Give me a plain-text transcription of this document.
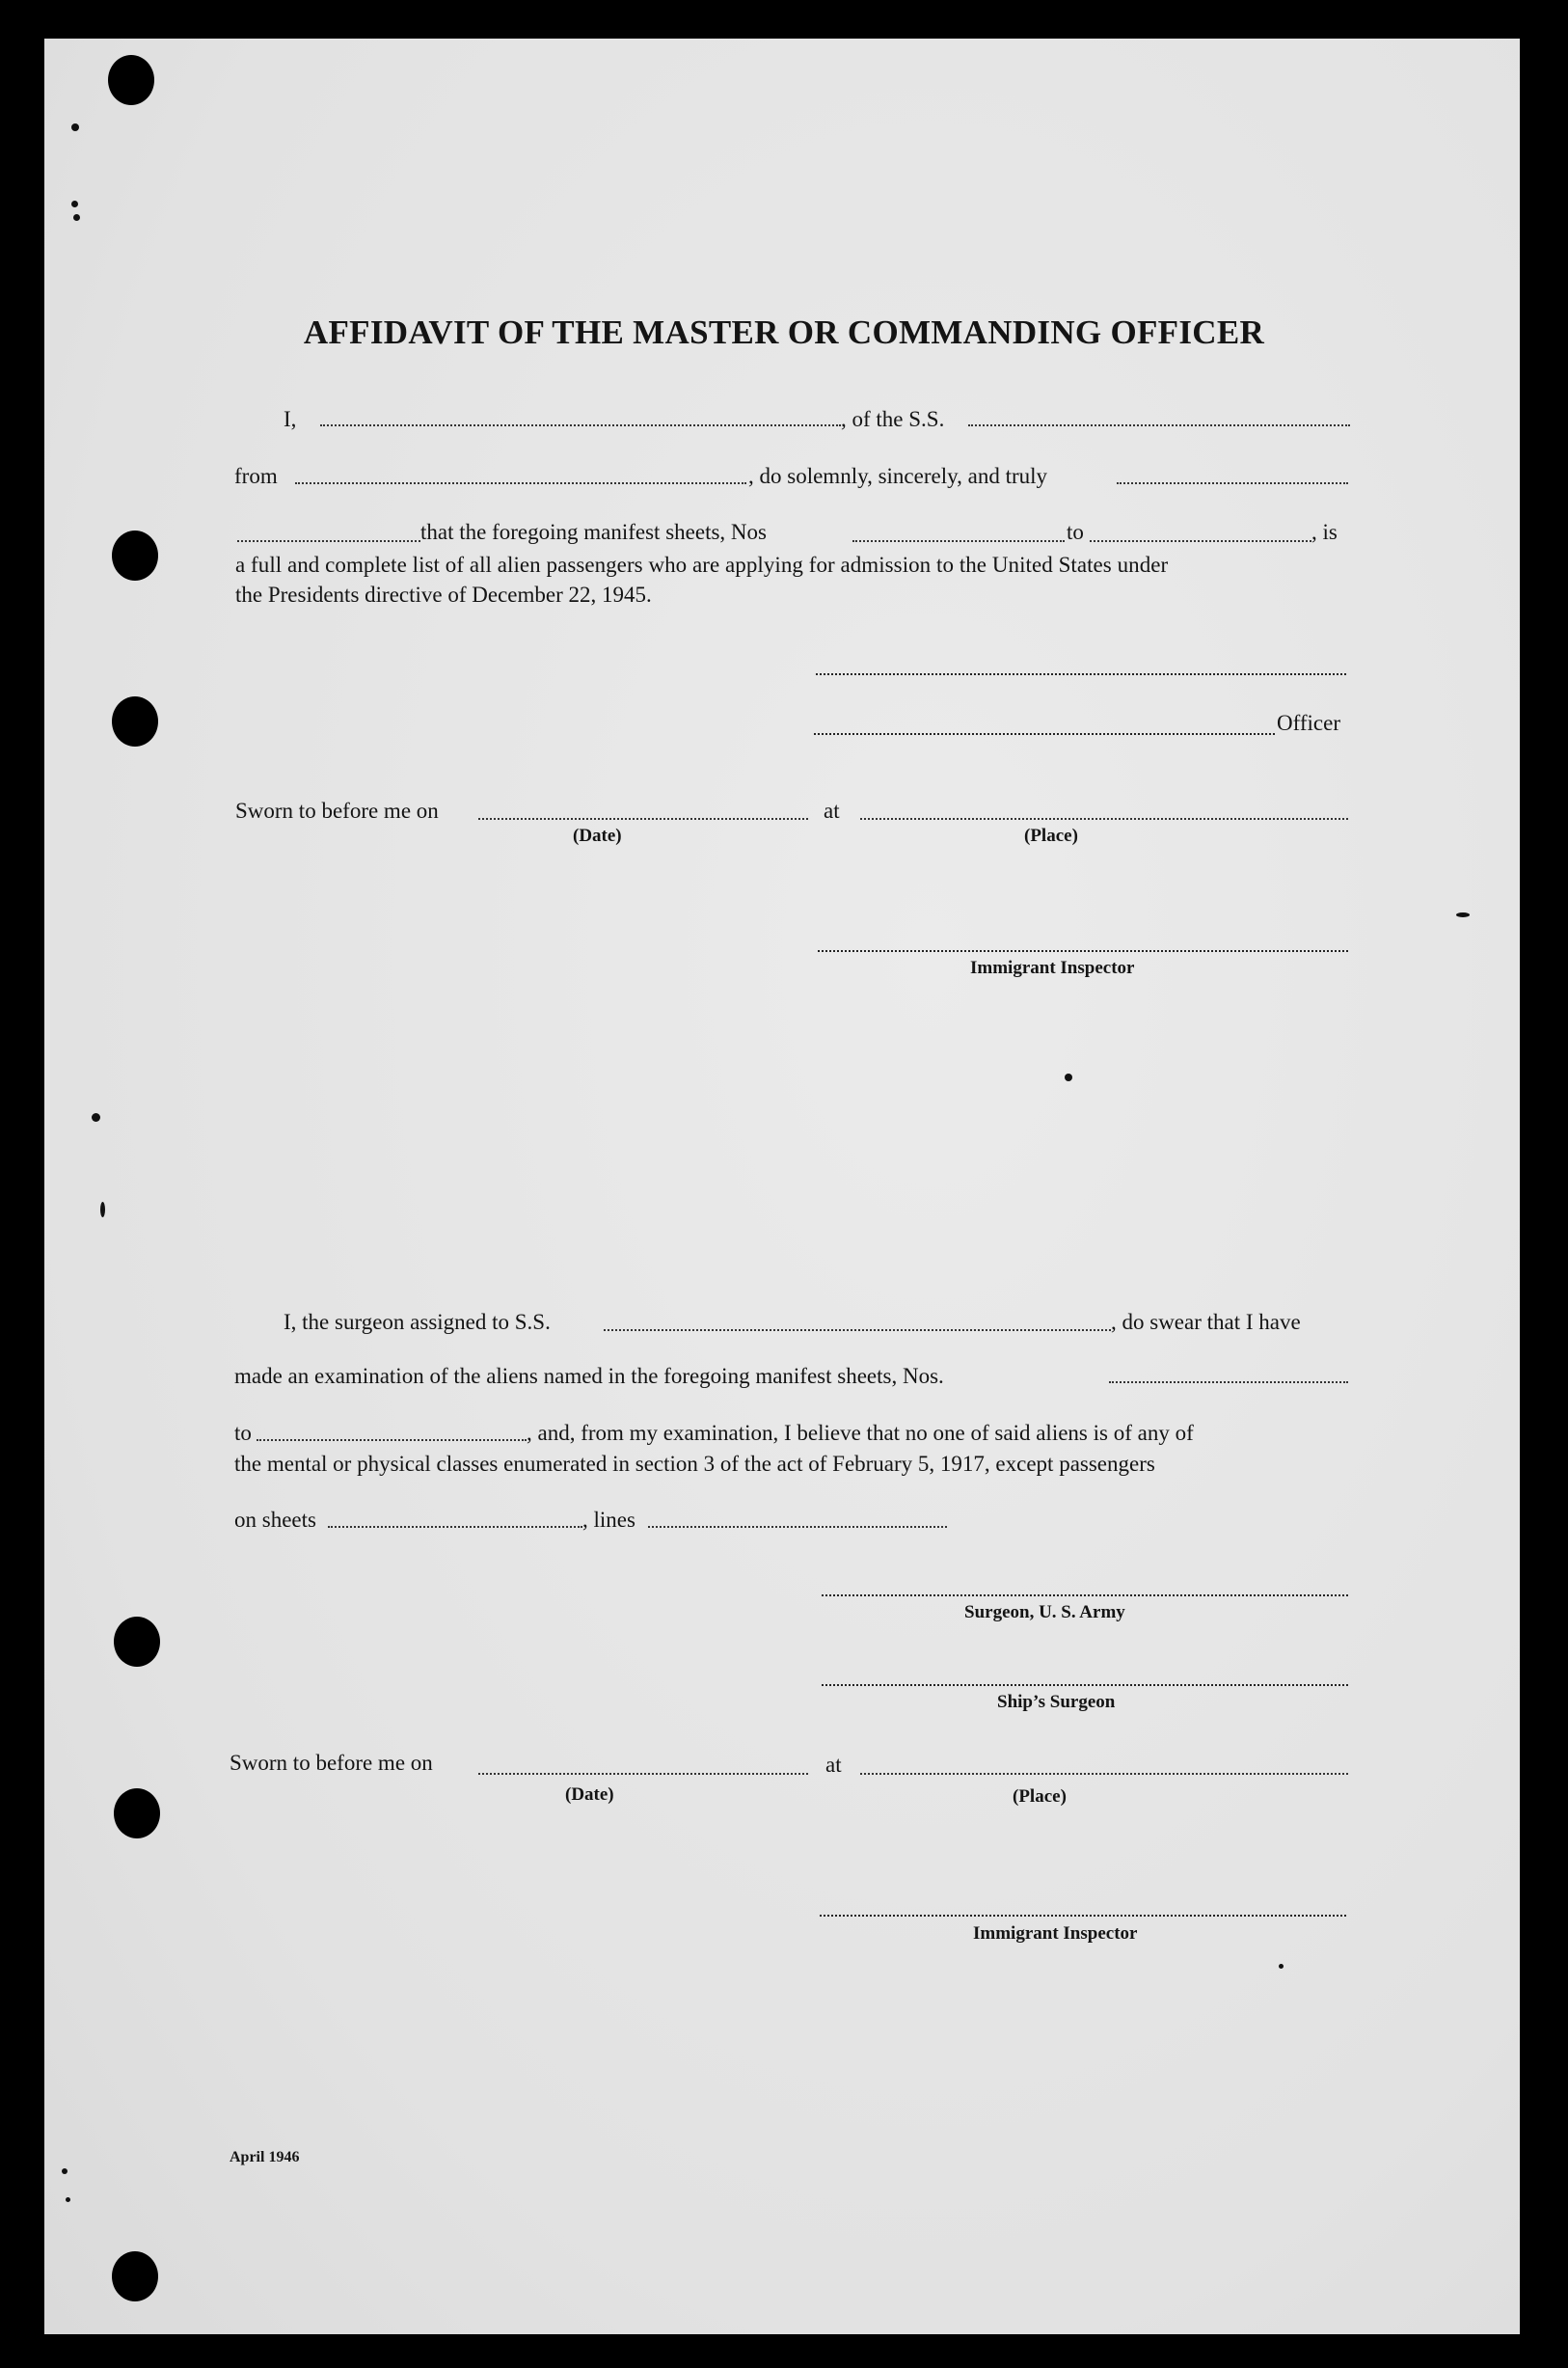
AFFIDAVIT OF THE MASTER OR COMMANDING OFFICER
I,	, of the S.S.
from	, do solemnly, sincerely, and truly
that the foregoing manifest sheets, Nos	to	, is
a full and complete list of all alien passengers who are applying for admission to the United States under
the Presidents directive of December 22, 1945.
Officer
Sworn to before me on	at
(Date)	(Place)
Immigrant Inspector
I, the surgeon assigned to S.S.	, do swear that I have
made an examination of the aliens named in the foregoing manifest sheets, Nos.
to	, and, from my examination, I believe that no one of said aliens is of any of
the mental or physical classes enumerated in section 3 of the act of February 5, 1917, except passengers
on sheets	, lines
Surgeon, U. S. Army
Ship’s Surgeon
Sworn to before me on	at
(Date)	(Place)
Immigrant Inspector
April 1946
